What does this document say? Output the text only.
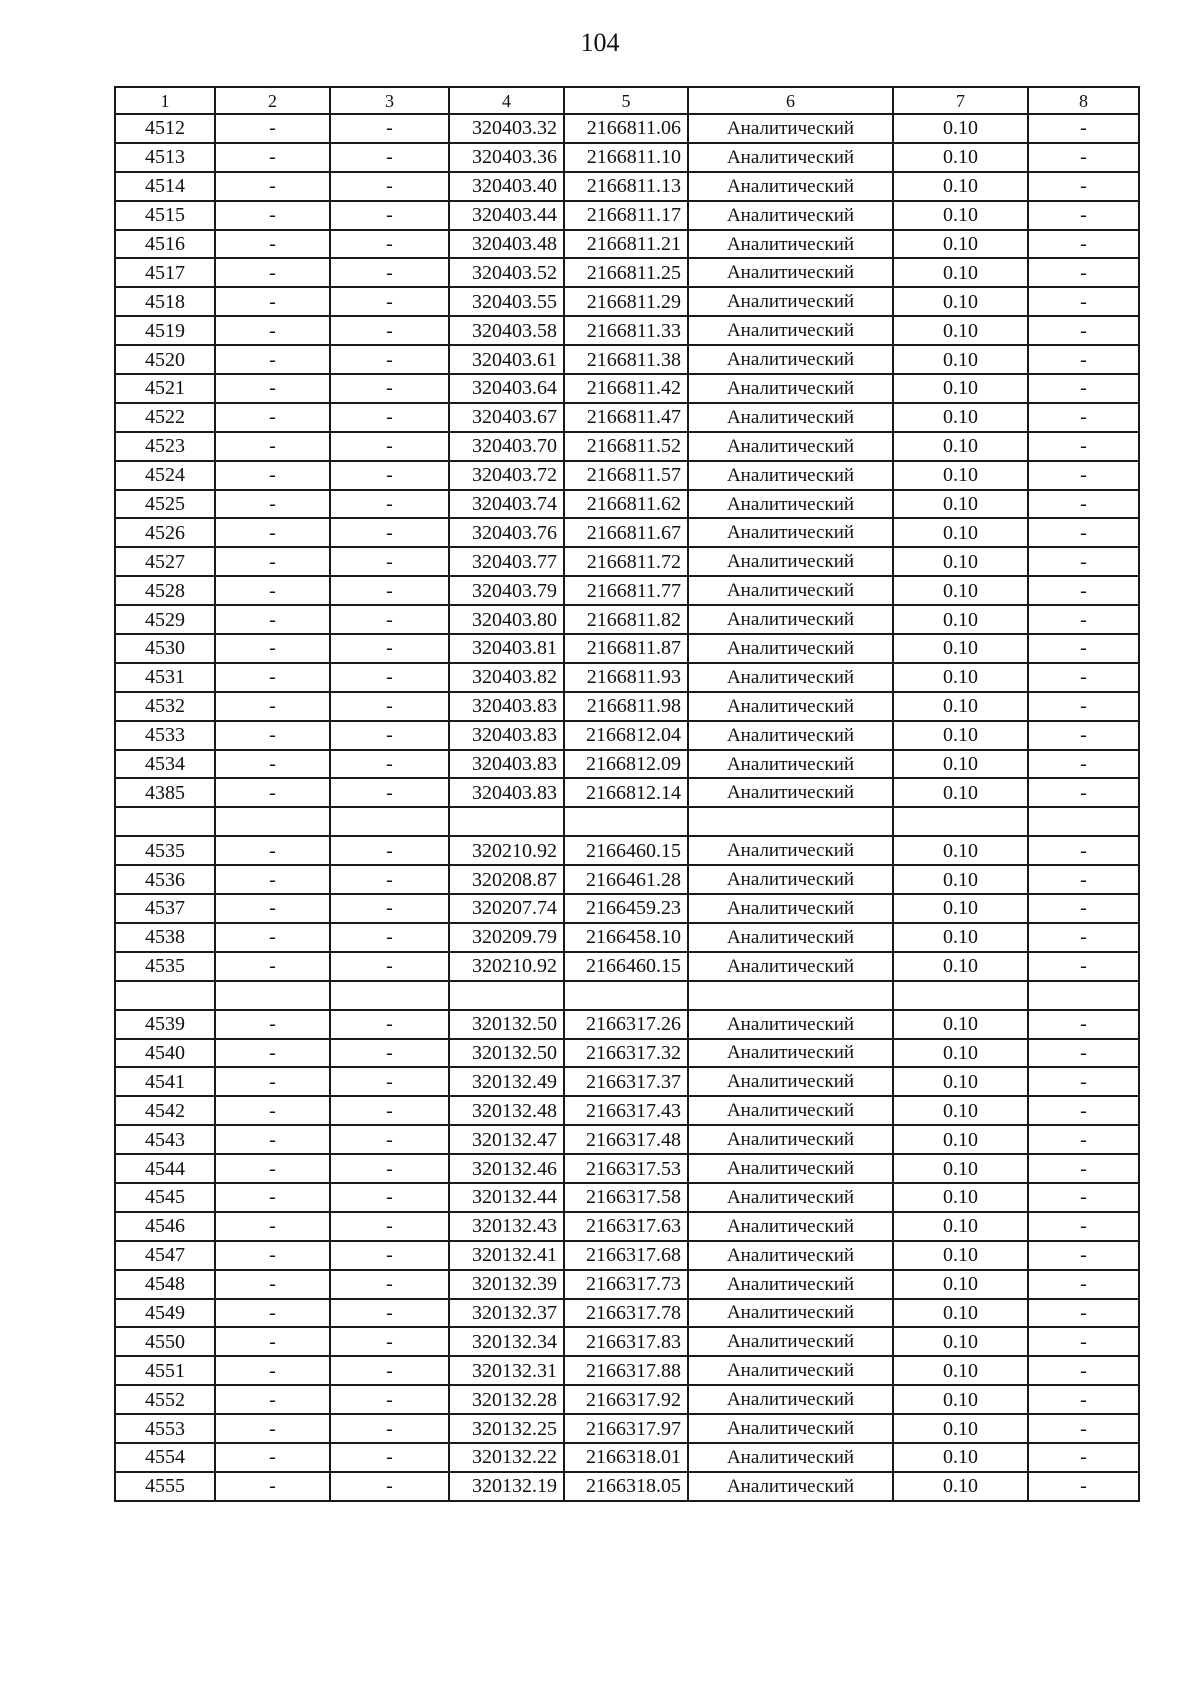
104
1	2	3	4	5	6	7	8
4512	-	-	320403.32	2166811.06	Аналитический	0.10	-
4513	-	-	320403.36	2166811.10	Аналитический	0.10	-
4514	-	-	320403.40	2166811.13	Аналитический	0.10	-
4515	-	-	320403.44	2166811.17	Аналитический	0.10	-
4516	-	-	320403.48	2166811.21	Аналитический	0.10	-
4517	-	-	320403.52	2166811.25	Аналитический	0.10	-
4518	-	-	320403.55	2166811.29	Аналитический	0.10	-
4519	-	-	320403.58	2166811.33	Аналитический	0.10	-
4520	-	-	320403.61	2166811.38	Аналитический	0.10	-
4521	-	-	320403.64	2166811.42	Аналитический	0.10	-
4522	-	-	320403.67	2166811.47	Аналитический	0.10	-
4523	-	-	320403.70	2166811.52	Аналитический	0.10	-
4524	-	-	320403.72	2166811.57	Аналитический	0.10	-
4525	-	-	320403.74	2166811.62	Аналитический	0.10	-
4526	-	-	320403.76	2166811.67	Аналитический	0.10	-
4527	-	-	320403.77	2166811.72	Аналитический	0.10	-
4528	-	-	320403.79	2166811.77	Аналитический	0.10	-
4529	-	-	320403.80	2166811.82	Аналитический	0.10	-
4530	-	-	320403.81	2166811.87	Аналитический	0.10	-
4531	-	-	320403.82	2166811.93	Аналитический	0.10	-
4532	-	-	320403.83	2166811.98	Аналитический	0.10	-
4533	-	-	320403.83	2166812.04	Аналитический	0.10	-
4534	-	-	320403.83	2166812.09	Аналитический	0.10	-
4385	-	-	320403.83	2166812.14	Аналитический	0.10	-

4535	-	-	320210.92	2166460.15	Аналитический	0.10	-
4536	-	-	320208.87	2166461.28	Аналитический	0.10	-
4537	-	-	320207.74	2166459.23	Аналитический	0.10	-
4538	-	-	320209.79	2166458.10	Аналитический	0.10	-
4535	-	-	320210.92	2166460.15	Аналитический	0.10	-

4539	-	-	320132.50	2166317.26	Аналитический	0.10	-
4540	-	-	320132.50	2166317.32	Аналитический	0.10	-
4541	-	-	320132.49	2166317.37	Аналитический	0.10	-
4542	-	-	320132.48	2166317.43	Аналитический	0.10	-
4543	-	-	320132.47	2166317.48	Аналитический	0.10	-
4544	-	-	320132.46	2166317.53	Аналитический	0.10	-
4545	-	-	320132.44	2166317.58	Аналитический	0.10	-
4546	-	-	320132.43	2166317.63	Аналитический	0.10	-
4547	-	-	320132.41	2166317.68	Аналитический	0.10	-
4548	-	-	320132.39	2166317.73	Аналитический	0.10	-
4549	-	-	320132.37	2166317.78	Аналитический	0.10	-
4550	-	-	320132.34	2166317.83	Аналитический	0.10	-
4551	-	-	320132.31	2166317.88	Аналитический	0.10	-
4552	-	-	320132.28	2166317.92	Аналитический	0.10	-
4553	-	-	320132.25	2166317.97	Аналитический	0.10	-
4554	-	-	320132.22	2166318.01	Аналитический	0.10	-
4555	-	-	320132.19	2166318.05	Аналитический	0.10	-
